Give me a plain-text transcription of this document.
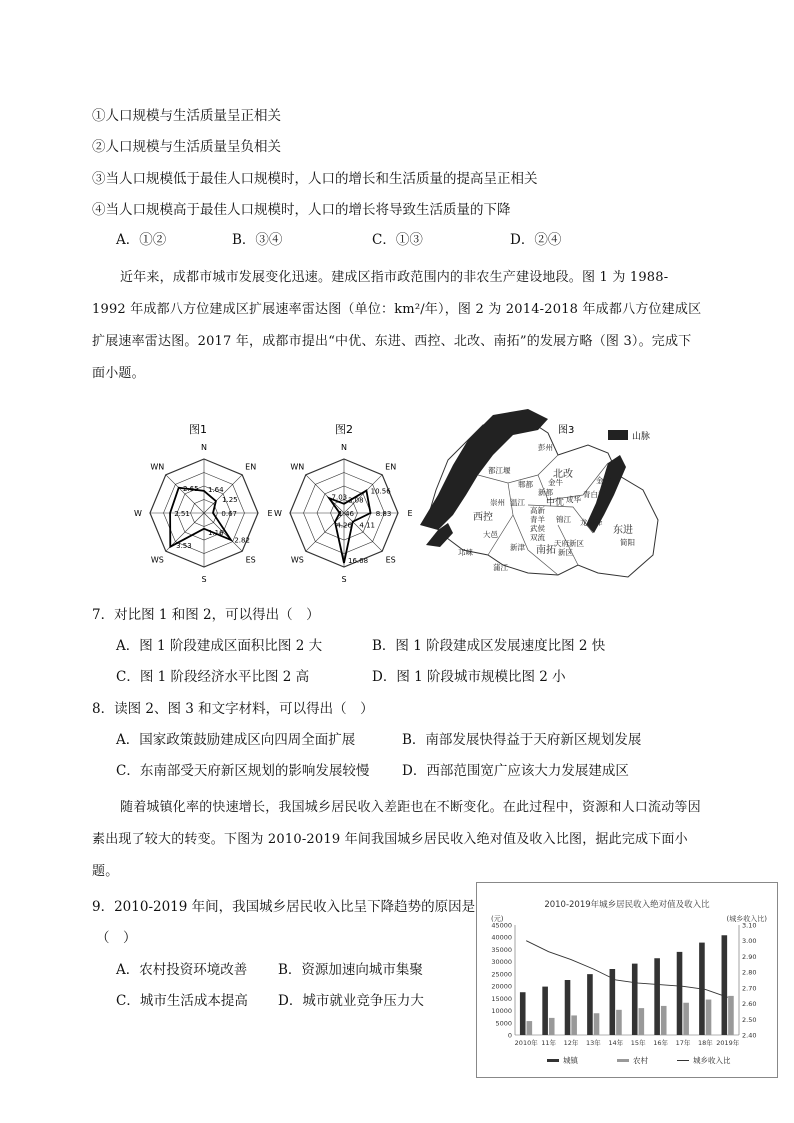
①人口规模与生活质量呈正相关
②人口规模与生活质量呈负相关
③当人口规模低于最佳人口规模时，人口的增长和生活质量的提高呈正相关
④当人口规模高于最佳人口规模时，人口的增长将导致生活质量的下降
A．①②	B．③④	C．①③	D．②④
近年来，成都市城市发展变化迅速。建成区指市政范围内的非农生产建设地段。图 1 为 1988-1992 年成都八方位建成区扩展速率雷达图（单位：km²/年），图 2 为 2014-2018 年成都八方位建成区扩展速率雷达图。2017 年，成都市提出“中优、东进、西控、北改、南拓”的发展方略（图 3）。完成下面小题。
图1
N
EN
E
ES
S
WS
W
WN
1.64
1.25
0.67
2.82
1.16
3.53
2.51
2.65
图2
N
EN
E
ES
S
WS
W
WN
3.08
10.56
8.83
4.11
16.68
4.26
1.46
7.03
山脉
图3
彭州
都江堰	北改
郫都
新都
金堂
青白江
崇州 温江
金牛
成华
中优
西控
高新
青羊 锦江
武侯
双流
龙泉驿
东进
大邑
新津 南拓
天府新区	简阳
邛崃
蒲江
新区
7．对比图 1 和图 2，可以得出（　）
A．图 1 阶段建成区面积比图 2 大	B．图 1 阶段建成区发展速度比图 2 快
C．图 1 阶段经济水平比图 2 高	D．图 1 阶段城市规模比图 2 小
8．读图 2、图 3 和文字材料，可以得出（　）
A．国家政策鼓励建成区向四周全面扩展	B．南部发展快得益于天府新区规划发展
C．东南部受天府新区规划的影响发展较慢 D．西部范围宽广应该大力发展建成区
随着城镇化率的快速增长，我国城乡居民收入差距也在不断变化。在此过程中，资源和人口流动等因素出现了较大的转变。下图为 2010-2019 年间我国城乡居民收入绝对值及收入比图，据此完成下面小题。
9．2010-2019 年间，我国城乡居民收入比呈下降趋势的原因是
（　）
A．农村投资环境改善 B．资源加速向城市集聚
C．城市生活成本提高 D．城市就业竞争压力大
2010-2019年城乡居民收入绝对值及收入比
(元)	(城乡收入比)
0
5000
10000
15000
20000
25000
30000
35000
40000
45000
2.40
2.50
2.60
2.70
2.80
2.90
3.00
3.10
2010年 11年 12年 13年 14年 15年 16年 17年 18年 2019年
城镇	农村	城乡收入比
